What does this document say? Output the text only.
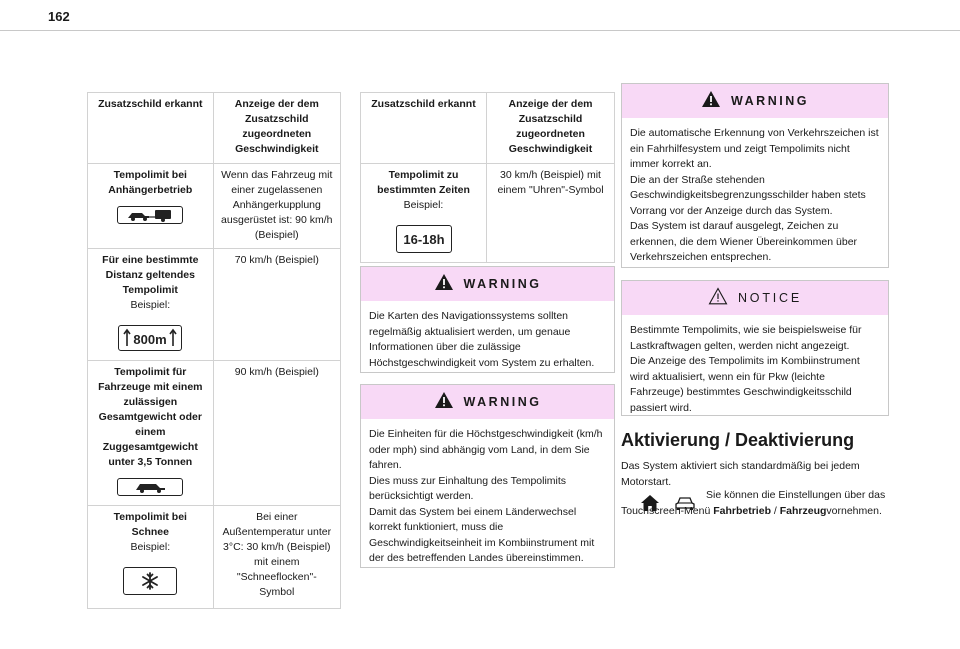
162
Zusatzschild erkannt	Anzeige der dem Zusatzschild zugeordneten Geschwindigkeit

Tempolimit bei Anhängerbetrieb	Wenn das Fahrzeug mit einer zugelassenen Anhängerkupplung ausgerüstet ist: 90 km/h (Beispiel)

Für eine bestimmte Distanz geltendes Tempolimit
Beispiel:
800m	70 km/h (Beispiel)

Tempolimit für Fahrzeuge mit einem zulässigen Gesamtgewicht oder einem Zuggesamtgewicht unter 3,5 Tonnen	90 km/h (Beispiel)

Tempolimit bei Schnee
Beispiel:	Bei einer Außentemperatur unter 3°C: 30 km/h (Beispiel) mit einem "Schneeflocken"-Symbol
Zusatzschild erkannt	Anzeige der dem Zusatzschild zugeordneten Geschwindigkeit

Tempolimit zu bestimmten Zeiten
Beispiel:
16-18h	30 km/h (Beispiel) mit einem "Uhren"-Symbol
WARNING

Die Karten des Navigationssystems sollten regelmäßig aktualisiert werden, um genaue Informationen über die zulässige Höchstgeschwindigkeit vom System zu erhalten.

WARNING

Die Einheiten für die Höchstgeschwindigkeit (km/h oder mph) sind abhängig vom Land, in dem Sie fahren.

Dies muss zur Einhaltung des Tempolimits berücksichtigt werden.

Damit das System bei einem Länderwechsel korrekt funktioniert, muss die Geschwindigkeitseinheit im Kombiinstrument mit der des betreffenden Landes übereinstimmen.

WARNING

Die automatische Erkennung von Verkehrszeichen ist ein Fahrhilfesystem und zeigt Tempolimits nicht immer korrekt an.

Die an der Straße stehenden Geschwindigkeitsbegrenzungsschilder haben stets Vorrang vor der Anzeige durch das System.

Das System ist darauf ausgelegt, Zeichen zu erkennen, die dem Wiener Übereinkommen über Verkehrszeichen entsprechen.

NOTICE

Bestimmte Tempolimits, wie sie beispielsweise für Lastkraftwagen gelten, werden nicht angezeigt.

Die Anzeige des Tempolimits im Kombiinstrument wird aktualisiert, wenn ein für Pkw (leichte Fahrzeuge) bestimmtes Geschwindigkeitsschild passiert wird.

Aktivierung / Deaktivierung
Das System aktiviert sich standardmäßig bei jedem Motorstart.
Sie können die Einstellungen über das Touchscreen-Menü Fahrbetrieb / Fahrzeugvornehmen.
